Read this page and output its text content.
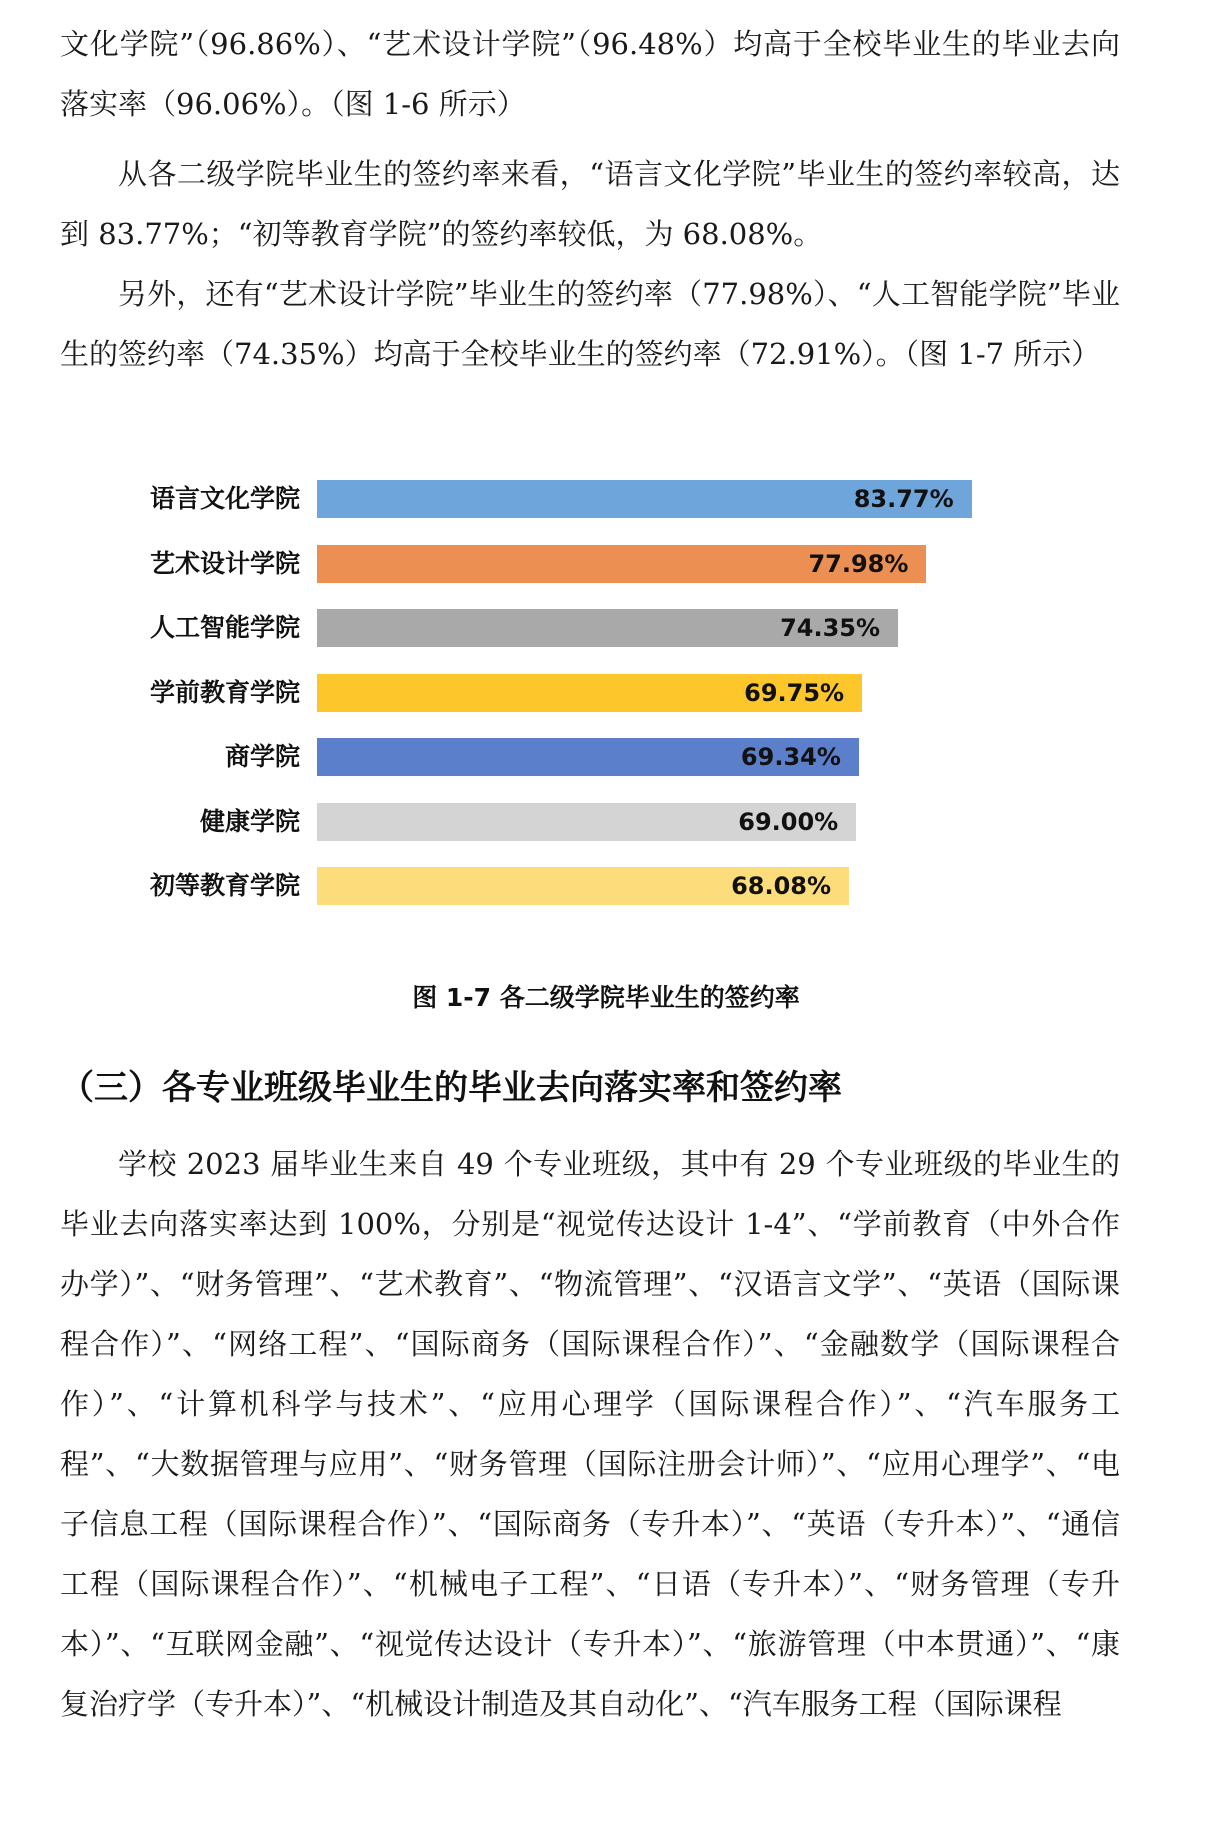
文化学院”（96.86%）、“艺术设计学院”（96.48%）均高于全校毕业生的毕业去向落实率（96.06%）。（图 1-6 所示）

从各二级学院毕业生的签约率来看，“语言文化学院”毕业生的签约率较高，达到 83.77%；“初等教育学院”的签约率较低，为 68.08%。

另外，还有“艺术设计学院”毕业生的签约率（77.98%）、“人工智能学院”毕业生的签约率（74.35%）均高于全校毕业生的签约率（72.91%）。（图 1-7 所示）

语言文化学院	83.77%
艺术设计学院	77.98%
人工智能学院	74.35%
学前教育学院	69.75%
商学院	69.34%
健康学院	69.00%
初等教育学院	68.08%
图 1-7 各二级学院毕业生的签约率
（三）各专业班级毕业生的毕业去向落实率和签约率

学校 2023 届毕业生来自 49 个专业班级，其中有 29 个专业班级的毕业生的毕业去向落实率达到 100%，分别是“视觉传达设计 1-4”、“学前教育（中外合作办学）”、“财务管理”、“艺术教育”、“物流管理”、“汉语言文学”、“英语（国际课程合作）”、“网络工程”、“国际商务（国际课程合作）”、“金融数学（国际课程合作）”、“计算机科学与技术”、“应用心理学（国际课程合作）”、“汽车服务工程”、“大数据管理与应用”、“财务管理（国际注册会计师）”、“应用心理学”、“电子信息工程（国际课程合作）”、“国际商务（专升本）”、“英语（专升本）”、“通信工程（国际课程合作）”、“机械电子工程”、“日语（专升本）”、“财务管理（专升本）”、“互联网金融”、“视觉传达设计（专升本）”、“旅游管理（中本贯通）”、“康复治疗学（专升本）”、“机械设计制造及其自动化”、“汽车服务工程（国际课程
